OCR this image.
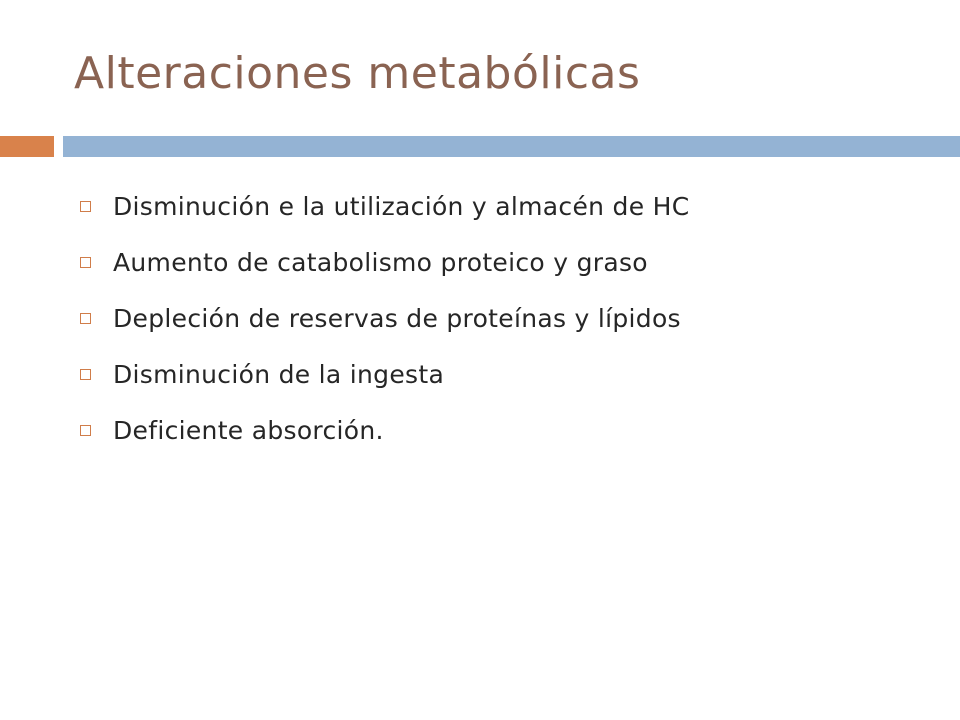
Alteraciones metabólicas
Disminución e la utilización y almacén de HC
Aumento de catabolismo proteico y graso
Depleción de reservas de proteínas y lípidos
Disminución de la ingesta
Deficiente absorción.
